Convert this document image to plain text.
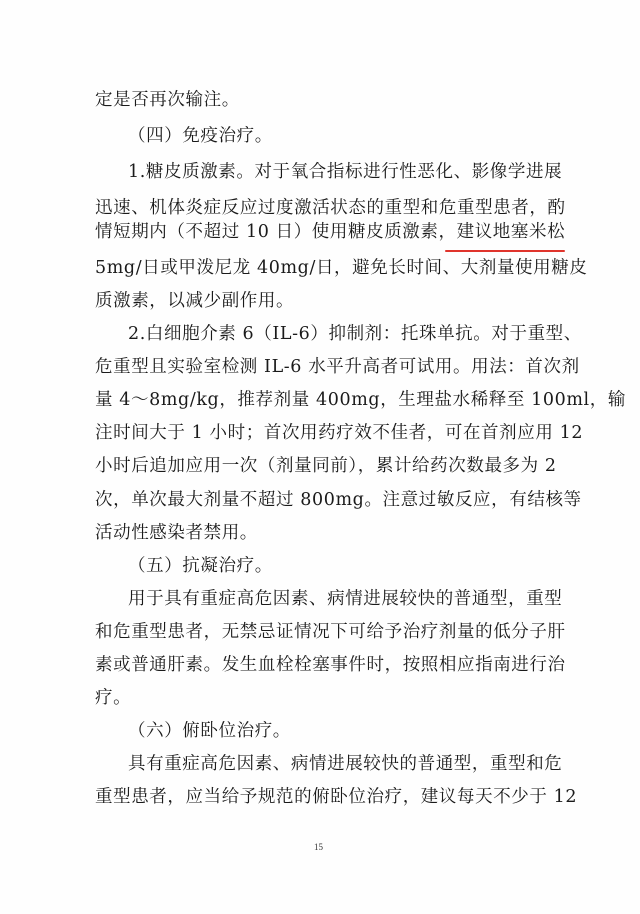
定是否再次输注。
（四）免疫治疗。
1.糖皮质激素。对于氧合指标进行性恶化、影像学进展
迅速、机体炎症反应过度激活状态的重型和危重型患者，酌
情短期内（不超过 10 日）使用糖皮质激素，建议地塞米松
5mg/日或甲泼尼龙 40mg/日，避免长时间、大剂量使用糖皮
质激素，以减少副作用。
2.白细胞介素 6（IL-6）抑制剂：托珠单抗。对于重型、
危重型且实验室检测 IL-6 水平升高者可试用。用法：首次剂
量 4～8mg/kg，推荐剂量 400mg，生理盐水稀释至 100ml，输
注时间大于 1 小时；首次用药疗效不佳者，可在首剂应用 12
小时后追加应用一次（剂量同前），累计给药次数最多为 2
次，单次最大剂量不超过 800mg。注意过敏反应，有结核等
活动性感染者禁用。
（五）抗凝治疗。
用于具有重症高危因素、病情进展较快的普通型，重型
和危重型患者，无禁忌证情况下可给予治疗剂量的低分子肝
素或普通肝素。发生血栓栓塞事件时，按照相应指南进行治
疗。
（六）俯卧位治疗。
具有重症高危因素、病情进展较快的普通型，重型和危
重型患者，应当给予规范的俯卧位治疗，建议每天不少于 12
15
